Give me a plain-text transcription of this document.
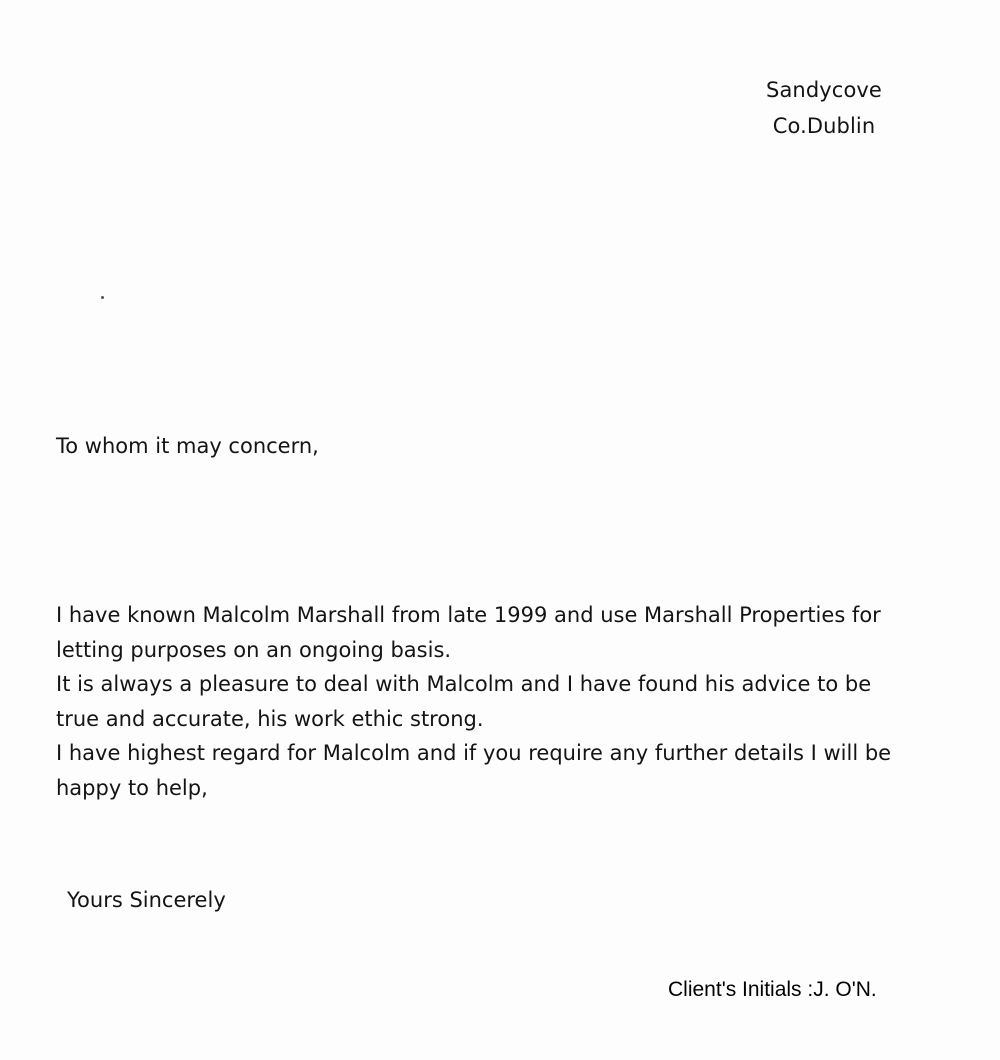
Sandycove
Co.Dublin
To whom it may concern,
I have known Malcolm Marshall from late 1999 and use Marshall Properties for
letting purposes on an ongoing basis.
It is always a pleasure to deal with Malcolm and I have found his advice to be
true and accurate, his work ethic strong.
I have highest regard for Malcolm and if you require any further details I will be
happy to help,
Yours Sincerely
Client's Initials :J. O'N.
